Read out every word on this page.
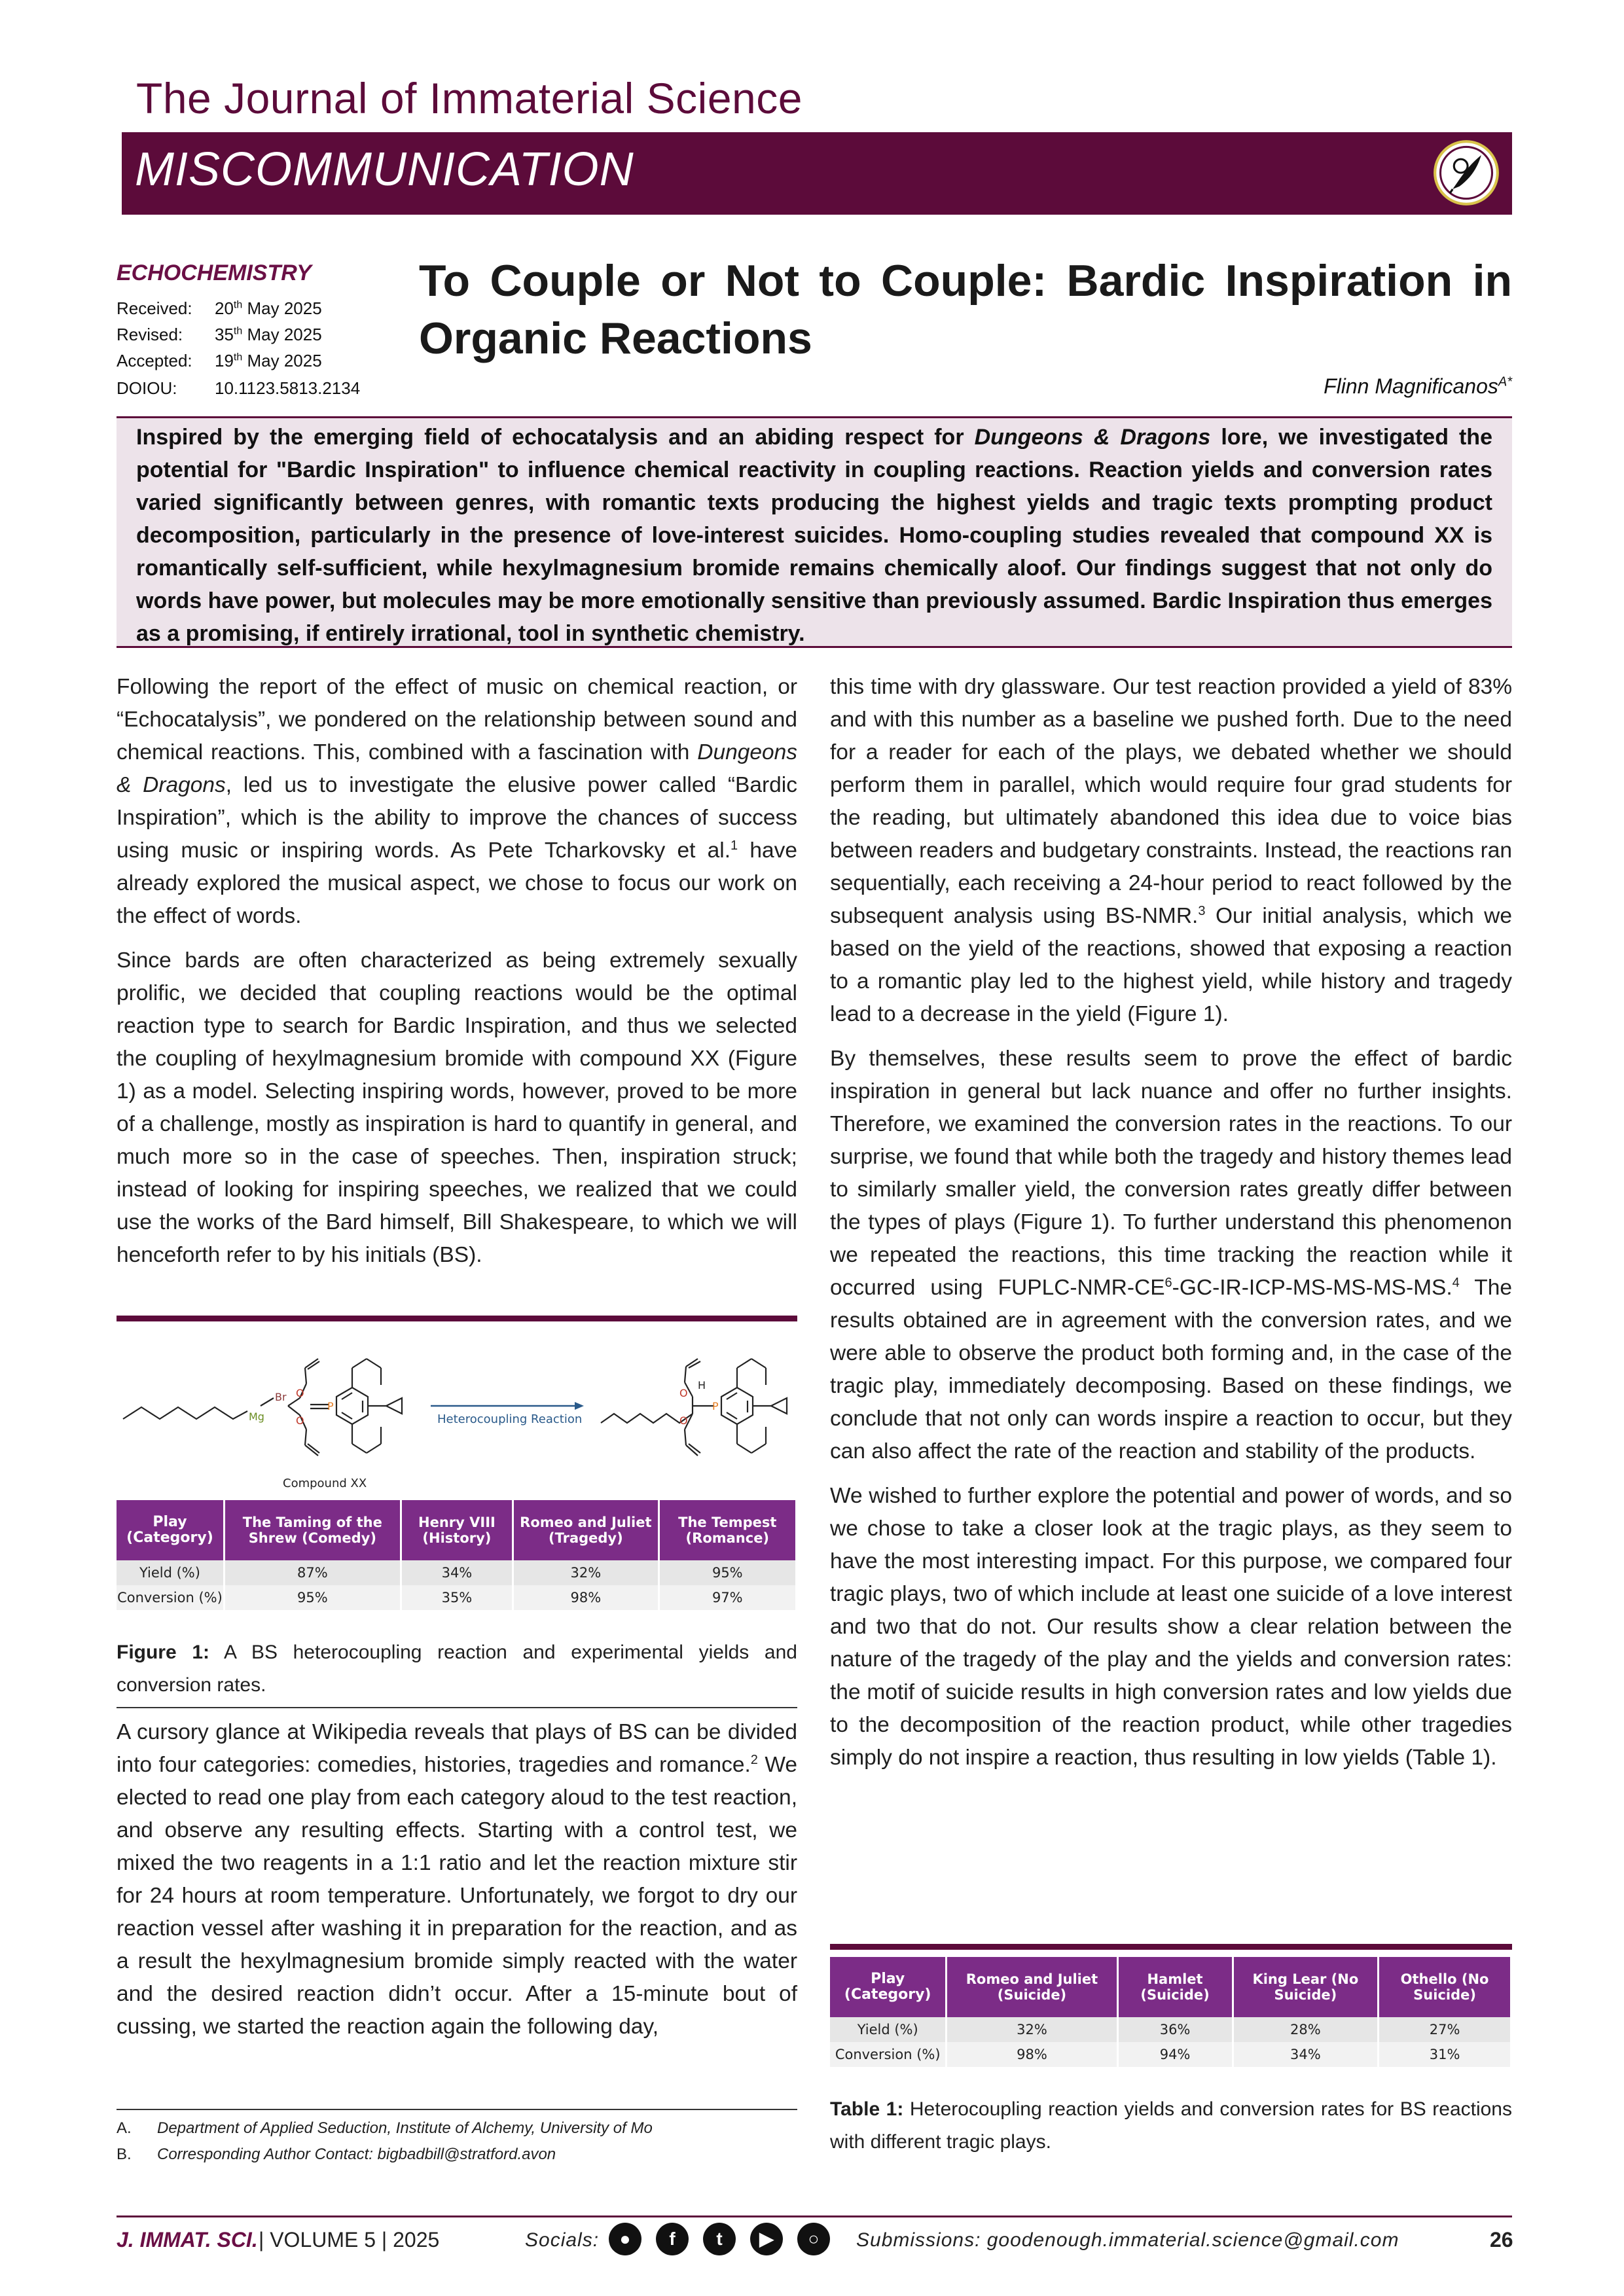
The Journal of Immaterial Science
MISCOMMUNICATION
ECHOCHEMISTRY
Received: 20th May 2025
Revised: 35th May 2025
Accepted: 19th May 2025
DOIOU: 10.1123.5813.2134
To Couple or Not to Couple: Bardic Inspiration in Organic Reactions
Flinn Magnificanos$^{A*}$
Inspired by the emerging field of echocatalysis and an abiding respect for Dungeons & Dragons lore, we investigated the potential for "Bardic Inspiration" to influence chemical reactivity in coupling reactions. Reaction yields and conversion rates varied significantly between genres, with romantic texts producing the highest yields and tragic texts prompting product decomposition, particularly in the presence of love-interest suicides. Homo-coupling studies revealed that compound XX is romantically self-sufficient, while hexylmagnesium bromide remains chemically aloof. Our findings suggest that not only do words have power, but molecules may be more emotionally sensitive than previously assumed. Bardic Inspiration thus emerges as a promising, if entirely irrational, tool in synthetic chemistry.

Following the report of the effect of music on chemical reaction, or “Echocatalysis”, we pondered on the relationship between sound and chemical reactions. This, combined with a fascination with Dungeons & Dragons, led us to investigate the elusive power called “Bardic Inspiration”, which is the ability to improve the chances of success using music or inspiring words. As Pete Tcharkovsky et al.$^1$ have already explored the musical aspect, we chose to focus our work on the effect of words.

Since bards are often characterized as being extremely sexually prolific, we decided that coupling reactions would be the optimal reaction type to search for Bardic Inspiration, and thus we selected the coupling of hexylmagnesium bromide with compound XX (Figure 1) as a model. Selecting inspiring words, however, proved to be more of a challenge, mostly as inspiration is hard to quantify in general, and much more so in the case of speeches. Then, inspiration struck; instead of looking for inspiring speeches, we realized that we could use the works of the Bard himself, Bill Shakespeare, to which we will henceforth refer to by his initials (BS).

Mg
Br O
O
P
O
O
P
H
Heterocoupling Reaction
Compound XX
Play (Category)	The Taming of the Shrew (Comedy)	Henry VIII (History)	Romeo and Juliet (Tragedy)	The Tempest (Romance)
Yield (%)	87%	34%	32%	95%
Conversion (%)	95%	35%	98%	97%
Figure 1: A BS heterocoupling reaction and experimental yields and conversion rates.

A cursory glance at Wikipedia reveals that plays of BS can be divided into four categories: comedies, histories, tragedies and romance.$^2$ We elected to read one play from each category aloud to the test reaction, and observe any resulting effects. Starting with a control test, we mixed the two reagents in a 1:1 ratio and let the reaction mixture stir for 24 hours at room temperature. Unfortunately, we forgot to dry our reaction vessel after washing it in preparation for the reaction, and as a result the hexylmagnesium bromide simply reacted with the water and the desired reaction didn’t occur. After a 15-minute bout of cussing, we started the reaction again the following day,

A. Department of Applied Seduction, Institute of Alchemy, University of Mo
B. Corresponding Author Contact: bigbadbill@stratford.avon

this time with dry glassware. Our test reaction provided a yield of 83% and with this number as a baseline we pushed forth. Due to the need for a reader for each of the plays, we debated whether we should perform them in parallel, which would require four grad students for the reading, but ultimately abandoned this idea due to voice bias between readers and budgetary constraints. Instead, the reactions ran sequentially, each receiving a 24-hour period to react followed by the subsequent analysis using BS-NMR.$^3$ Our initial analysis, which we based on the yield of the reactions, showed that exposing a reaction to a romantic play led to the highest yield, while history and tragedy lead to a decrease in the yield (Figure 1).

By themselves, these results seem to prove the effect of bardic inspiration in general but lack nuance and offer no further insights. Therefore, we examined the conversion rates in the reactions. To our surprise, we found that while both the tragedy and history themes lead to similarly smaller yield, the conversion rates greatly differ between the types of plays (Figure 1). To further understand this phenomenon we repeated the reactions, this time tracking the reaction while it occurred using FUPLC-$NMR-CE^6-GC-IR-ICP-MS-MS-MS-MS.^4$ The results obtained are in agreement with the conversion rates, and we were able to observe the product both forming and, in the case of the tragic play, immediately decomposing. Based on these findings, we conclude that not only can words inspire a reaction to occur, but they can also affect the rate of the reaction and stability of the products.

We wished to further explore the potential and power of words, and so we chose to take a closer look at the tragic plays, as they seem to have the most interesting impact. For this purpose, we compared four tragic plays, two of which include at least one suicide of a love interest and two that do not. Our results show a clear relation between the nature of the tragedy of the play and the yields and conversion rates: the motif of suicide results in high conversion rates and low yields due to the decomposition of the reaction product, while other tragedies simply do not inspire a reaction, thus resulting in low yields (Table 1).

Play (Category)	Romeo and Juliet (Suicide)	Hamlet (Suicide)	King Lear (No Suicide)	Othello (No Suicide)
Yield (%)	32%	36%	28%	27%
Conversion (%)	98%	94%	34%	31%
Table 1: Heterocoupling reaction yields and conversion rates for BS reactions with different tragic plays.
J. IMMAT. SCI. | VOLUME 5 | 2025	Socials:	●	f	t	▶	○	Submissions: goodenough.immaterial.science@gmail.com	26
